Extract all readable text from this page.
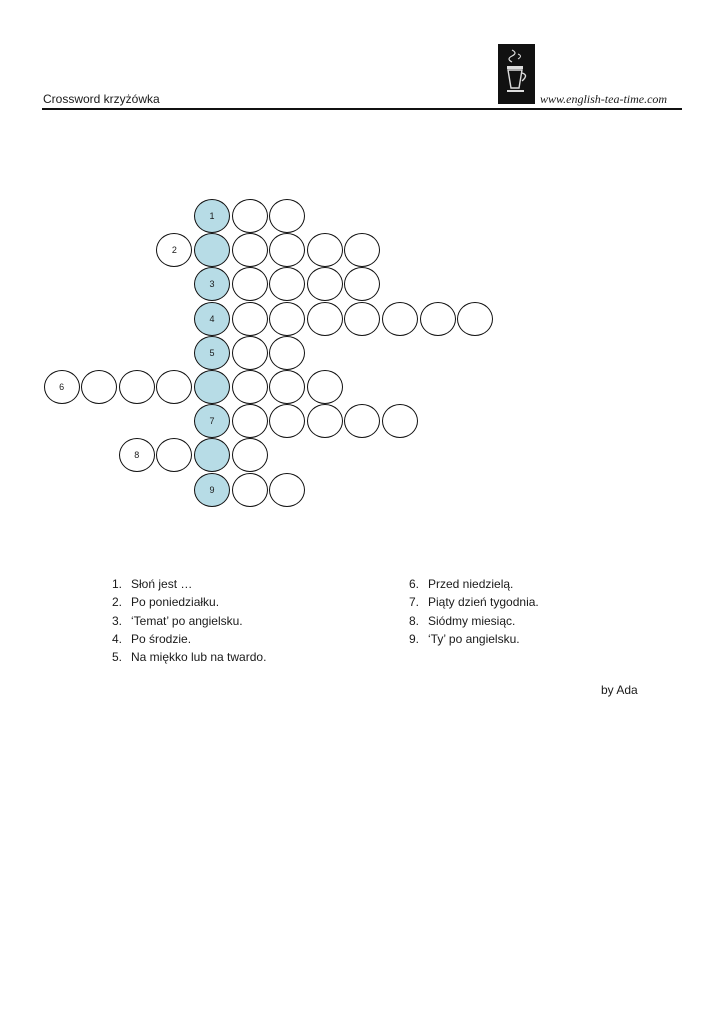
Crossword krzyżówka	www.english-tea-time.com
1
2
3
4
5
6
7
8
9
1. Słoń jest …
2. Po poniedziałku.
3. ‘Temat’ po angielsku.
4. Po środzie.
5. Na miękko lub na twardo.
6. Przed niedzielą.
7. Piąty dzień tygodnia.
8. Siódmy miesiąc.
9. ‘Ty’ po angielsku.
by Ada
